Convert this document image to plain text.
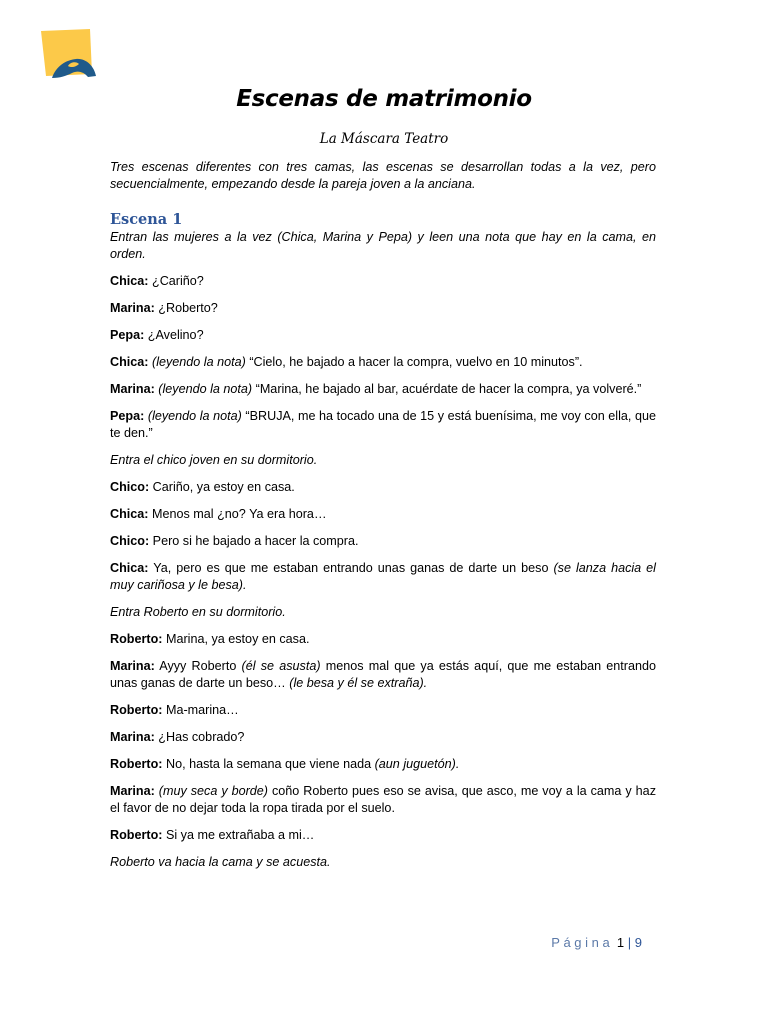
Escenas de matrimonio

La Máscara Teatro

Tres escenas diferentes con tres camas, las escenas se desarrollan todas a la vez, pero secuencialmente, empezando desde la pareja joven a la anciana.

Escena 1

Entran las mujeres a la vez (Chica, Marina y Pepa) y leen una nota que hay en la cama, en orden.

Chica: ¿Cariño?

Marina: ¿Roberto?

Pepa: ¿Avelino?

Chica: (leyendo la nota) “Cielo, he bajado a hacer la compra, vuelvo en 10 minutos”.

Marina: (leyendo la nota) “Marina, he bajado al bar, acuérdate de hacer la compra, ya volveré.”

Pepa: (leyendo la nota) “BRUJA, me ha tocado una de 15 y está buenísima, me voy con ella, que te den.”

Entra el chico joven en su dormitorio.

Chico: Cariño, ya estoy en casa.

Chica: Menos mal ¿no? Ya era hora…

Chico: Pero si he bajado a hacer la compra.

Chica: Ya, pero es que me estaban entrando unas ganas de darte un beso (se lanza hacia el muy cariñosa y le besa).

Entra Roberto en su dormitorio.

Roberto: Marina, ya estoy en casa.

Marina: Ayyy Roberto (él se asusta) menos mal que ya estás aquí, que me estaban entrando unas ganas de darte un beso… (le besa y él se extraña).

Roberto: Ma-marina…

Marina: ¿Has cobrado?

Roberto: No, hasta la semana que viene nada (aun juguetón).

Marina: (muy seca y borde) coño Roberto pues eso se avisa, que asco, me voy a la cama y haz el favor de no dejar toda la ropa tirada por el suelo.

Roberto: Si ya me extrañaba a mi…

Roberto va hacia la cama y se acuesta.

Página 1 | 9
